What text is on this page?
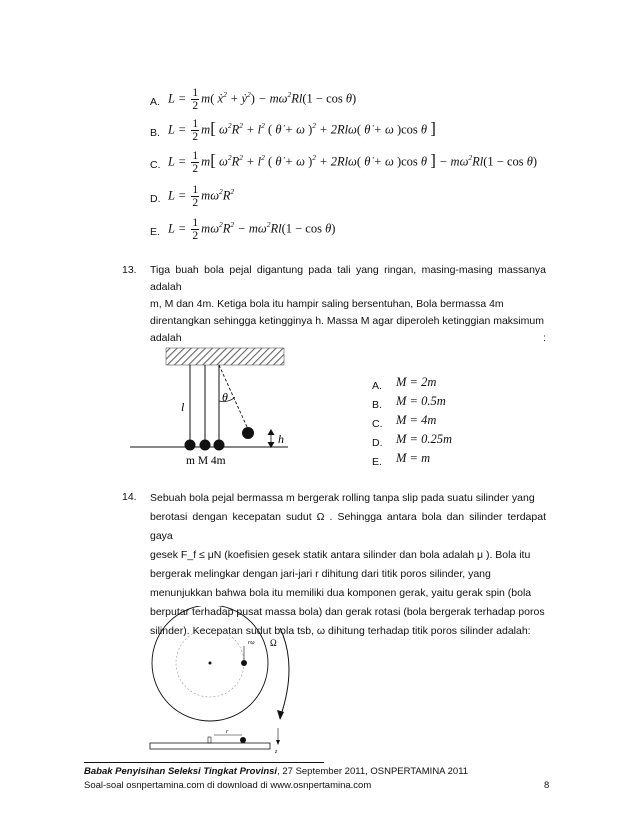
A. $L = \frac{1}{2} m$( ẋ$^2$ + ẏ$^2$) − $m\omega^2Rl(1 - \cos \theta)$
B. $L = \frac{1}{2} m$[ $\omega^2R^2 + l^2$ ( θ̇ + ω )$^2$ + 2Rlω( θ̇ + ω )cos θ ]
C. $L = \frac{1}{2} m$[ $\omega^2R^2 + l^2$ ( θ̇ + ω )$^2$ + 2Rlω( θ̇ + ω )cos θ ] − $m\omega^2Rl(1 - \cos \theta)$
D. $L = \frac{1}{2} m\omega^2R^2$
E. $L = \frac{1}{2} m\omega^2R^2 - m\omega^2Rl(1 - \cos \theta)$
13. Tiga buah bola pejal digantung pada tali yang ringan, masing-masing massanya adalah
m, M dan 4m. Ketiga bola itu hampir saling bersentuhan, Bola bermassa 4m
direntangkan sehingga ketingginya h. Massa M agar diperoleh ketinggian maksimum
adalah	:
l
θ
h
m M 4m
A. M = 2m
B. M = 0.5m
C. M = 4m
D. M = 0.25m
E. M = m
14. Sebuah bola pejal bermassa m bergerak rolling tanpa slip pada suatu silinder yang
berotasi dengan kecepatan sudut Ω . Sehingga antara bola dan silinder terdapat gaya
gesek F_f ≤ μN (koefisien gesek statik antara silinder dan bola adalah μ ). Bola itu
bergerak melingkar dengan jari-jari r dihitung dari titik poros silinder, yang
menunjukkan bahwa bola itu memiliki dua komponen gerak, yaitu gerak spin (bola
berputar terhadap pusat massa bola) dan gerak rotasi (bola bergerak terhadap poros
silinder). Kecepatan sudut bola tsb, ω dihitung terhadap titik poros silinder adalah:
rω Ω
r
z
Babak Penyisihan Seleksi Tingkat Provinsi, 27 September 2011, OSNPERTAMINA 2011
Soal-soal osnpertamina.com di download di www.osnpertamina.com	8
